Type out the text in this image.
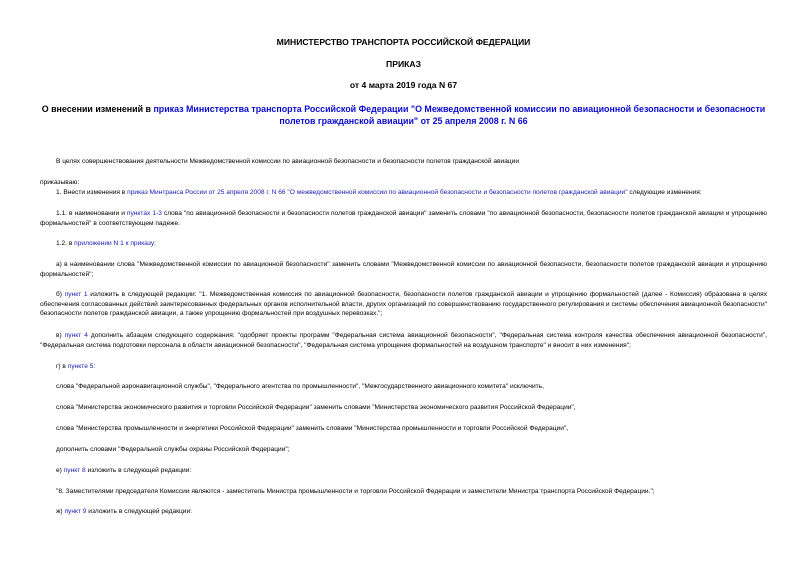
МИНИСТЕРСТВО ТРАНСПОРТА РОССИЙСКОЙ ФЕДЕРАЦИИ
ПРИКАЗ
от 4 марта 2019 года N 67
О внесении изменений в приказ Министерства транспорта Российской Федерации "О Межведомственной комиссии по авиационной безопасности и безопасности полетов гражданской авиации" от 25 апреля 2008 г. N 66
В целях совершенствования деятельности Межведомственной комиссии по авиационной безопасности и безопасности полетов гражданской авиации
приказываю:
1. Внести изменения в приказ Минтранса России от 25 апреля 2008 г. N 66 "О межведомственной комиссии по авиационной безопасности и безопасности полетов гражданской авиации" следующие изменения:
1.1. в наименовании и пунктах 1-3 слова "по авиационной безопасности и безопасности полетов гражданской авиации" заменить словами "по авиационной безопасности, безопасности полетов гражданской авиации и упрощению формальностей" в соответствующем падеже.
1.2. в приложении N 1 к приказу:
а) в наименовании слова "Межведомственной комиссии по авиационной безопасности" заменить словами "Межведомственной комиссии по авиационной безопасности, безопасности полетов гражданской авиации и упрощению формальностей";
б) пункт 1 изложить в следующей редакции: "1. Межведомственная комиссия по авиационной безопасности, безопасности полетов гражданской авиации и упрощению формальностей (далее - Комиссия) образована в целях обеспечения согласованных действий заинтересованных федеральных органов исполнительной власти, других организаций по совершенствованию государственного регулирования и системы обеспечения авиационной безопасности" безопасности полетов гражданской авиации, а также упрощению формальностей при воздушных перевозках.";
в) пункт 4 дополнить абзацем следующего содержания: "одобряет проекты программ "Федеральная система авиационной безопасности", "Федеральная система контроля качества обеспечения авиационной безопасности", "Федеральная система подготовки персонала в области авиационной безопасности", "Федеральная система упрощения формальностей на воздушном транспорте" и вносит в них изменения";
г) в пункте 5:
слова "Федеральной аэронавигационной службы", "Федерального агентства по промышленности", "Межгосударственного авиационного комитета" исключить,
слова "Министерства экономического развития и торговли Российской Федерации" заменить словами "Министерства экономического развития Российской Федерации",
слова "Министерства промышленности и энергетики Российской Федерации" заменить словами "Министерства промышленности и торговли Российской Федерации",
дополнить словами "Федеральной службы охраны Российской Федерации";
е) пункт 8 изложить в следующей редакции:
"8. Заместителями председателя Комиссии являются - заместитель Министра промышленности и торговли Российской Федерации и заместители Министра транспорта Российской Федерации.";
ж) пункт 9 изложить в следующей редакции:
